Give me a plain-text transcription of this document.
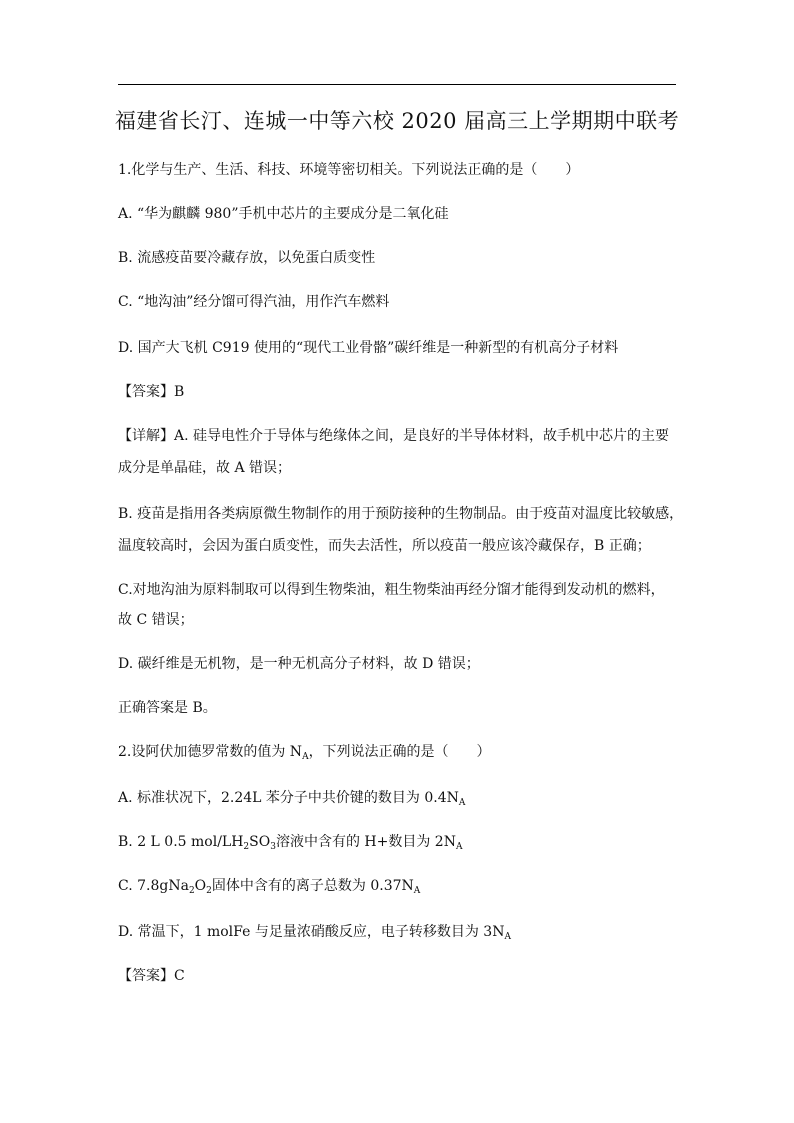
福建省长汀、连城一中等六校 2020 届高三上学期期中联考
1.化学与生产、生活、科技、环境等密切相关。下列说法正确的是（　　）
A. “华为麒麟 980”手机中芯片的主要成分是二氧化硅
B. 流感疫苗要冷藏存放，以免蛋白质变性
C. “地沟油”经分馏可得汽油，用作汽车燃料
D. 国产大飞机 C919 使用的“现代工业骨骼”碳纤维是一种新型的有机高分子材料
【答案】B
【详解】A. 硅导电性介于导体与绝缘体之间，是良好的半导体材料，故手机中芯片的主要
成分是单晶硅，故 A 错误；
B. 疫苗是指用各类病原微生物制作的用于预防接种的生物制品。由于疫苗对温度比较敏感，
温度较高时，会因为蛋白质变性，而失去活性，所以疫苗一般应该冷藏保存，B 正确；
C.对地沟油为原料制取可以得到生物柴油，粗生物柴油再经分馏才能得到发动机的燃料，
故 C 错误；
D. 碳纤维是无机物，是一种无机高分子材料，故 D 错误；
正确答案是 B。
2.设阿伏加德罗常数的值为 $N_A$，下列说法正确的是（　　）
A. 标准状况下，2.24L 苯分子中共价键的数目为 $0.4N_A$
B. 2 L 0.5 mol/$LH_2SO_3$溶液中含有的 H+数目为 $2N_A$
C. $7.8gNa_2O_2$固体中含有的离子总数为 $0.37N_A$
D. 常温下，1 molFe 与足量浓硝酸反应，电子转移数目为 $3N_A$
【答案】C
